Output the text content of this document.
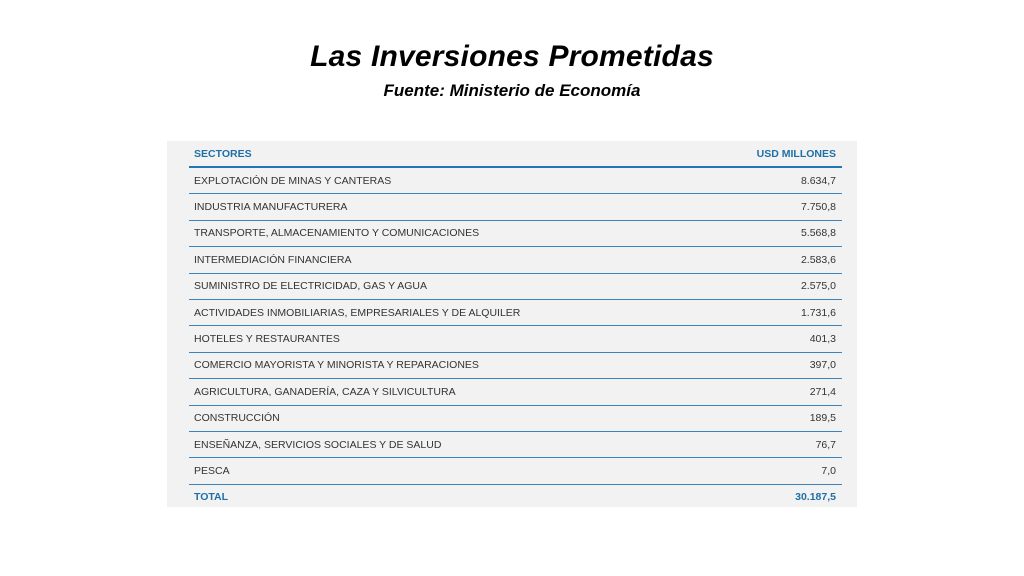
Las Inversiones Prometidas
Fuente: Ministerio de Economía
SECTORES	USD MILLONES
EXPLOTACIÓN DE MINAS Y CANTERAS	8.634,7
INDUSTRIA MANUFACTURERA	7.750,8
TRANSPORTE, ALMACENAMIENTO Y COMUNICACIONES	5.568,8
INTERMEDIACIÓN FINANCIERA	2.583,6
SUMINISTRO DE ELECTRICIDAD, GAS Y AGUA	2.575,0
ACTIVIDADES INMOBILIARIAS, EMPRESARIALES Y DE ALQUILER	1.731,6
HOTELES Y RESTAURANTES	401,3
COMERCIO MAYORISTA Y MINORISTA Y REPARACIONES	397,0
AGRICULTURA, GANADERÍA, CAZA Y SILVICULTURA	271,4
CONSTRUCCIÓN	189,5
ENSEÑANZA, SERVICIOS SOCIALES Y DE SALUD	76,7
PESCA	7,0
TOTAL	30.187,5
